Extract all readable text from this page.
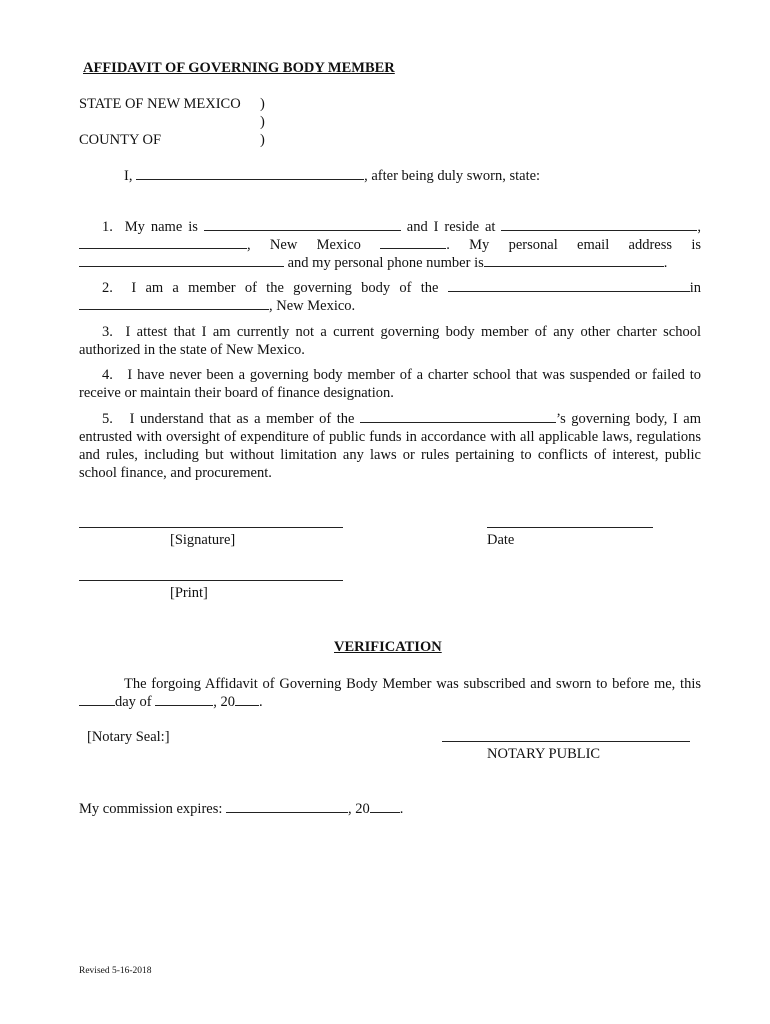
AFFIDAVIT OF GOVERNING BODY MEMBER
STATE OF NEW MEXICO )
)
COUNTY OF	)
I,	, after being duly sworn, state:
1. My name is	and I reside at	, , New Mexico	. My personal email address is  and my personal phone number is	.
2. I am a member of the governing body of the	in , New Mexico.
3. I attest that I am currently not a current governing body member of any other charter school authorized in the state of New Mexico.
4. I have never been a governing body member of a charter school that was suspended or failed to receive or maintain their board of finance designation.
5. I understand that as a member of the	’s governing body, I am entrusted with oversight of expenditure of public funds in accordance with all applicable laws, regulations and rules, including but without limitation any laws or rules pertaining to conflicts of interest, public school finance, and procurement.
[Signature]	Date
[Print]
VERIFICATION
The forgoing Affidavit of Governing Body Member was subscribed and sworn to before me, this day of	, 20 .
[Notary Seal:]
NOTARY PUBLIC
My commission expires:	, 20 .
Revised 5-16-2018
